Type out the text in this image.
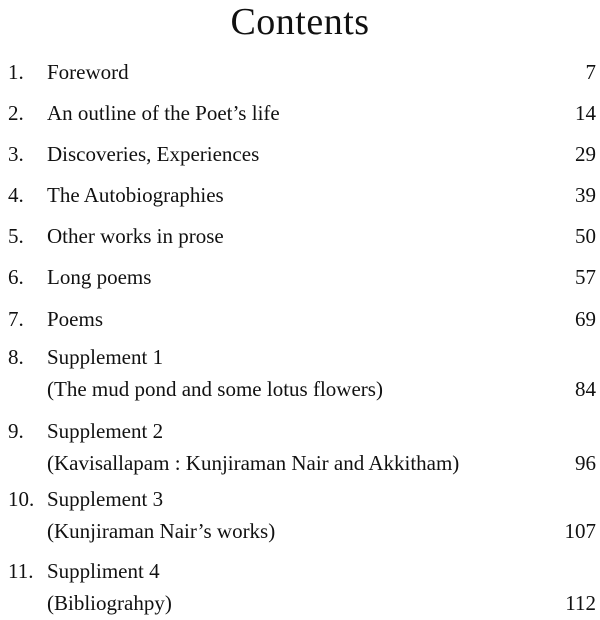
Contents
1. Foreword	7
2. An outline of the Poet’s life	14
3. Discoveries, Experiences	29
4. The Autobiographies	39
5. Other works in prose	50
6. Long poems	57
7. Poems	69
8. Supplement 1
(The mud pond and some lotus flowers)	84
9. Supplement 2
(Kavisallapam : Kunjiraman Nair and Akkitham)	96
10. Supplement 3
(Kunjiraman Nair’s works)	107
11. Suppliment 4
(Bibliograhpy)	112
